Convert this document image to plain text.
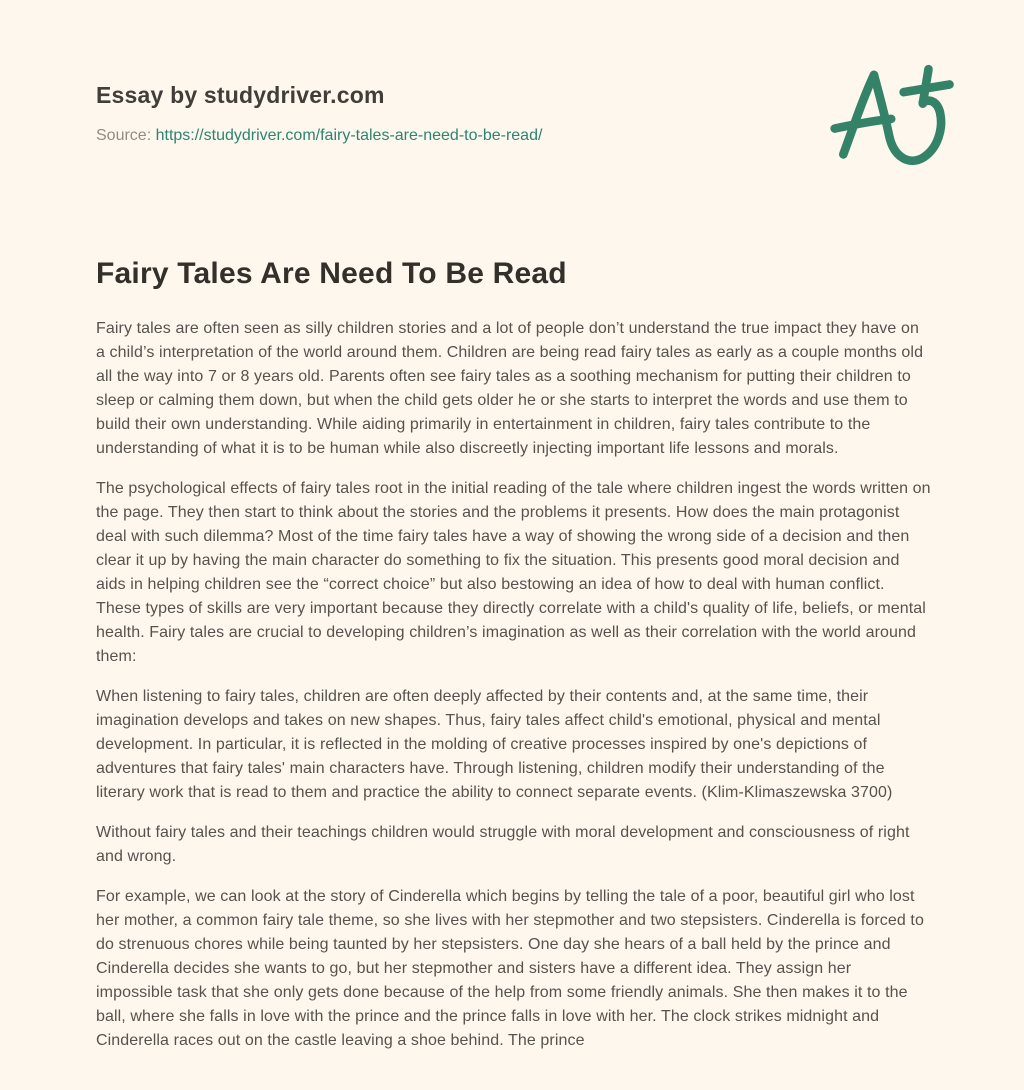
Essay by studydriver.com
Source: https://studydriver.com/fairy-tales-are-need-to-be-read/
Fairy Tales Are Need To Be Read

Fairy tales are often seen as silly children stories and a lot of people don’t understand the true impact they have on a child’s interpretation of the world around them. Children are being read fairy tales as early as a couple months old all the way into 7 or 8 years old. Parents often see fairy tales as a soothing mechanism for putting their children to sleep or calming them down, but when the child gets older he or she starts to interpret the words and use them to build their own understanding. While aiding primarily in entertainment in children, fairy tales contribute to the understanding of what it is to be human while also discreetly injecting important life lessons and morals.

The psychological effects of fairy tales root in the initial reading of the tale where children ingest the words written on the page. They then start to think about the stories and the problems it presents. How does the main protagonist deal with such dilemma? Most of the time fairy tales have a way of showing the wrong side of a decision and then clear it up by having the main character do something to fix the situation. This presents good moral decision and aids in helping children see the “correct choice” but also bestowing an idea of how to deal with human conflict. These types of skills are very important because they directly correlate with a child's quality of life, beliefs, or mental health. Fairy tales are crucial to developing children’s imagination as well as their correlation with the world around them:

When listening to fairy tales, children are often deeply affected by their contents and, at the same time, their imagination develops and takes on new shapes. Thus, fairy tales affect child's emotional, physical and mental development. In particular, it is reflected in the molding of creative processes inspired by one's depictions of adventures that fairy tales' main characters have. Through listening, children modify their understanding of the literary work that is read to them and practice the ability to connect separate events. (Klim-Klimaszewska 3700)

Without fairy tales and their teachings children would struggle with moral development and consciousness of right and wrong.

For example, we can look at the story of Cinderella which begins by telling the tale of a poor, beautiful girl who lost her mother, a common fairy tale theme, so she lives with her stepmother and two stepsisters. Cinderella is forced to do strenuous chores while being taunted by her stepsisters. One day she hears of a ball held by the prince and Cinderella decides she wants to go, but her stepmother and sisters have a different idea. They assign her impossible task that she only gets done because of the help from some friendly animals. She then makes it to the ball, where she falls in love with the prince and the prince falls in love with her. The clock strikes midnight and Cinderella races out on the castle leaving a shoe behind. The prince
